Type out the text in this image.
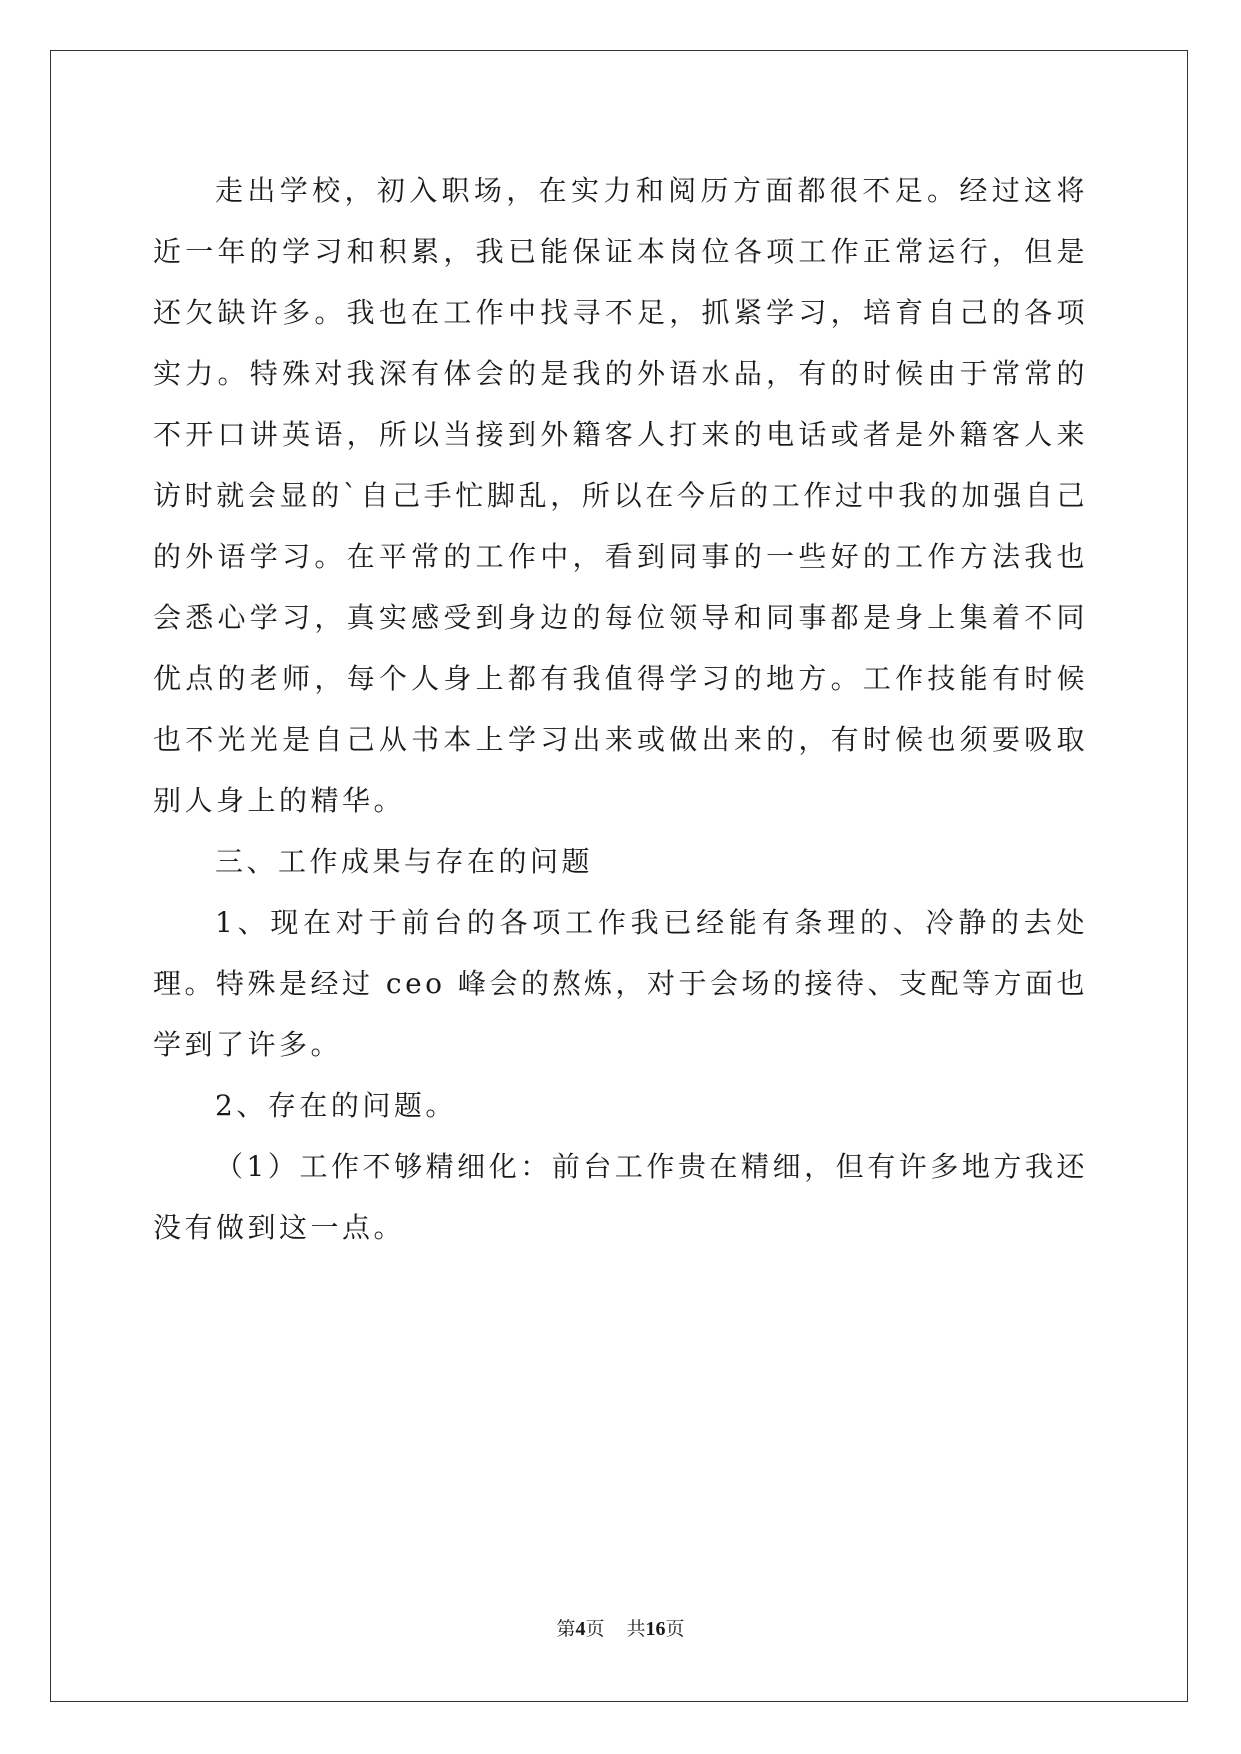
走出学校，初入职场，在实力和阅历方面都很不足。经过这将近一年的学习和积累，我已能保证本岗位各项工作正常运行，但是还欠缺许多。我也在工作中找寻不足，抓紧学习，培育自己的各项实力。特殊对我深有体会的是我的外语水品，有的时候由于常常的不开口讲英语，所以当接到外籍客人打来的电话或者是外籍客人来访时就会显的`自己手忙脚乱，所以在今后的工作过中我的加强自己的外语学习。在平常的工作中，看到同事的一些好的工作方法我也会悉心学习，真实感受到身边的每位领导和同事都是身上集着不同优点的老师，每个人身上都有我值得学习的地方。工作技能有时候也不光光是自己从书本上学习出来或做出来的，有时候也须要吸取别人身上的精华。

三、工作成果与存在的问题

1、现在对于前台的各项工作我已经能有条理的、冷静的去处理。特殊是经过 ceo 峰会的熬炼，对于会场的接待、支配等方面也学到了许多。

2、存在的问题。

（1）工作不够精细化：前台工作贵在精细，但有许多地方我还没有做到这一点。

第4页 共16页
